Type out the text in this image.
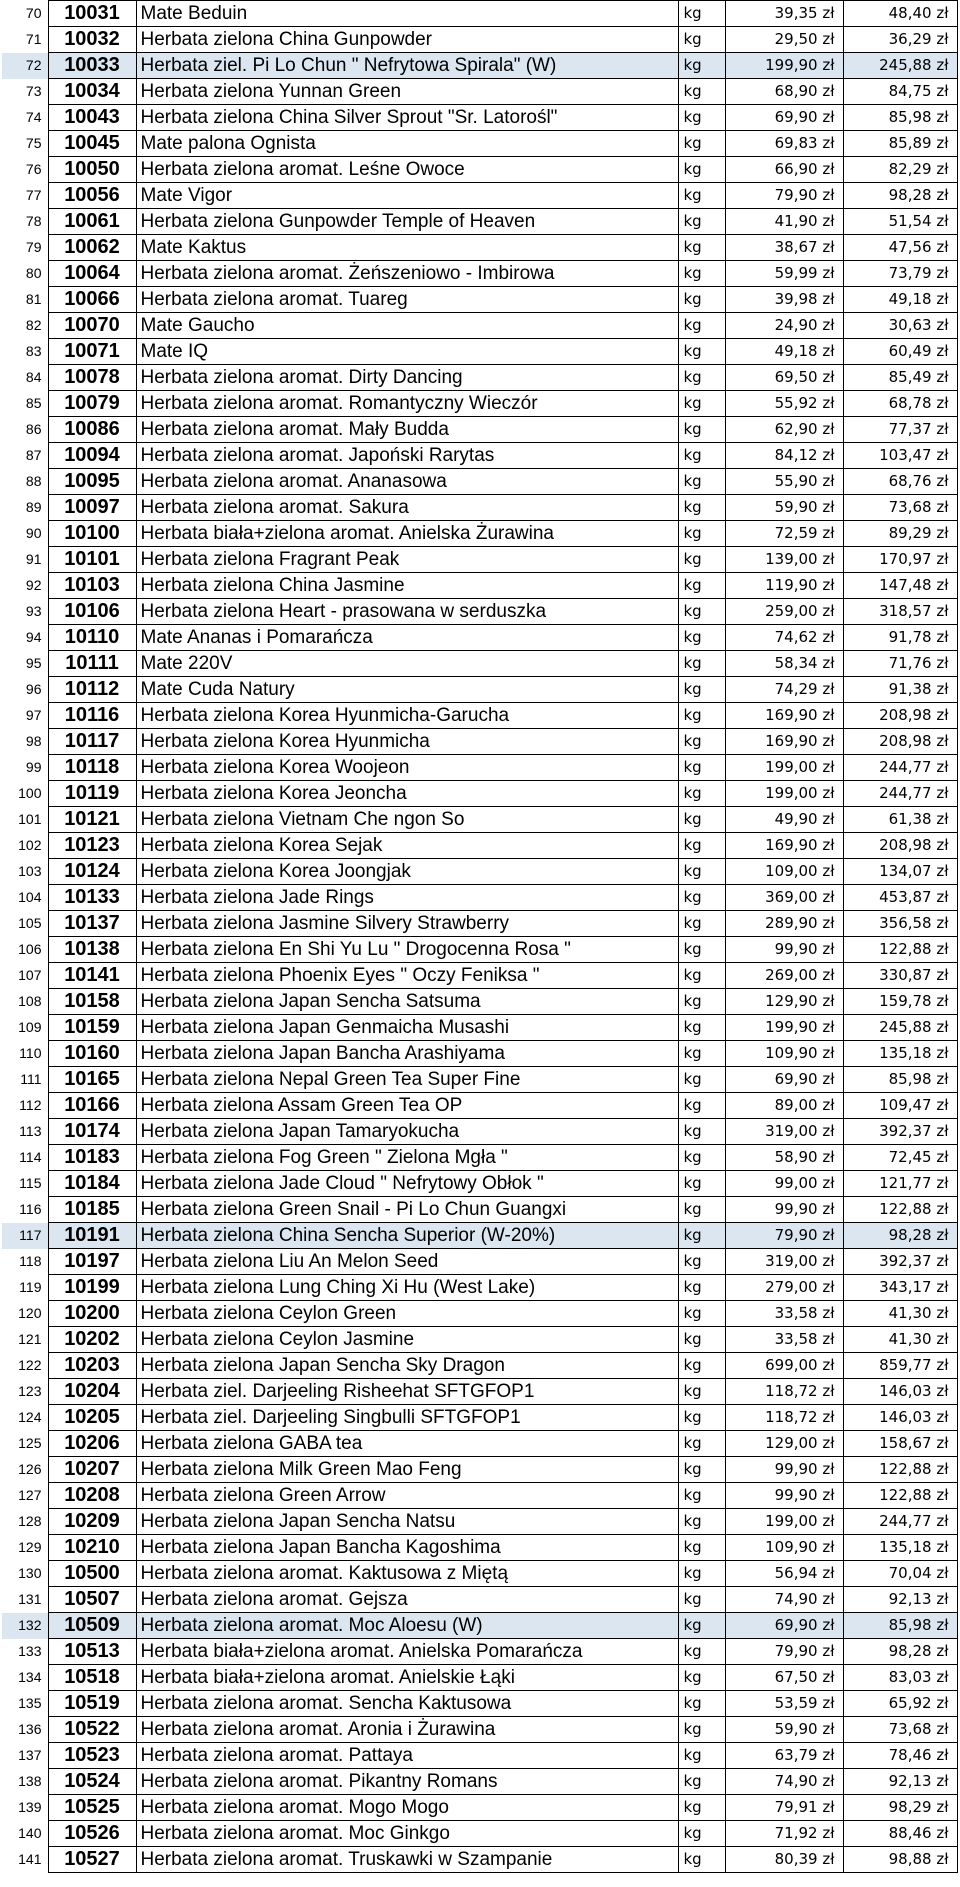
70	10031	Mate Beduin	kg	39,35 zł	48,40 zł
71	10032	Herbata zielona China Gunpowder	kg	29,50 zł	36,29 zł
72	10033	Herbata ziel. Pi Lo Chun " Nefrytowa Spirala" (W)	kg	199,90 zł	245,88 zł
73	10034	Herbata zielona Yunnan Green	kg	68,90 zł	84,75 zł
74	10043	Herbata zielona China Silver Sprout "Sr. Latorośl"	kg	69,90 zł	85,98 zł
75	10045	Mate palona Ognista	kg	69,83 zł	85,89 zł
76	10050	Herbata zielona aromat. Leśne Owoce	kg	66,90 zł	82,29 zł
77	10056	Mate Vigor	kg	79,90 zł	98,28 zł
78	10061	Herbata zielona Gunpowder Temple of Heaven	kg	41,90 zł	51,54 zł
79	10062	Mate Kaktus	kg	38,67 zł	47,56 zł
80	10064	Herbata zielona aromat. Żeńszeniowo - Imbirowa	kg	59,99 zł	73,79 zł
81	10066	Herbata zielona aromat. Tuareg	kg	39,98 zł	49,18 zł
82	10070	Mate Gaucho	kg	24,90 zł	30,63 zł
83	10071	Mate IQ	kg	49,18 zł	60,49 zł
84	10078	Herbata zielona aromat. Dirty Dancing	kg	69,50 zł	85,49 zł
85	10079	Herbata zielona aromat. Romantyczny Wieczór	kg	55,92 zł	68,78 zł
86	10086	Herbata zielona aromat. Mały Budda	kg	62,90 zł	77,37 zł
87	10094	Herbata zielona aromat. Japoński Rarytas	kg	84,12 zł	103,47 zł
88	10095	Herbata zielona aromat. Ananasowa	kg	55,90 zł	68,76 zł
89	10097	Herbata zielona aromat. Sakura	kg	59,90 zł	73,68 zł
90	10100	Herbata biała+zielona aromat. Anielska Żurawina	kg	72,59 zł	89,29 zł
91	10101	Herbata zielona Fragrant Peak	kg	139,00 zł	170,97 zł
92	10103	Herbata zielona China Jasmine	kg	119,90 zł	147,48 zł
93	10106	Herbata zielona Heart - prasowana w serduszka	kg	259,00 zł	318,57 zł
94	10110	Mate Ananas i Pomarańcza	kg	74,62 zł	91,78 zł
95	10111	Mate 220V	kg	58,34 zł	71,76 zł
96	10112	Mate Cuda Natury	kg	74,29 zł	91,38 zł
97	10116	Herbata zielona Korea Hyunmicha-Garucha	kg	169,90 zł	208,98 zł
98	10117	Herbata zielona Korea Hyunmicha	kg	169,90 zł	208,98 zł
99	10118	Herbata zielona Korea Woojeon	kg	199,00 zł	244,77 zł
100	10119	Herbata zielona Korea Jeoncha	kg	199,00 zł	244,77 zł
101	10121	Herbata zielona Vietnam Che ngon So	kg	49,90 zł	61,38 zł
102	10123	Herbata zielona Korea Sejak	kg	169,90 zł	208,98 zł
103	10124	Herbata zielona Korea Joongjak	kg	109,00 zł	134,07 zł
104	10133	Herbata zielona Jade Rings	kg	369,00 zł	453,87 zł
105	10137	Herbata zielona Jasmine Silvery Strawberry	kg	289,90 zł	356,58 zł
106	10138	Herbata zielona En Shi Yu Lu " Drogocenna Rosa "	kg	99,90 zł	122,88 zł
107	10141	Herbata zielona Phoenix Eyes " Oczy Feniksa "	kg	269,00 zł	330,87 zł
108	10158	Herbata zielona Japan Sencha Satsuma	kg	129,90 zł	159,78 zł
109	10159	Herbata zielona Japan Genmaicha Musashi	kg	199,90 zł	245,88 zł
110	10160	Herbata zielona Japan Bancha Arashiyama	kg	109,90 zł	135,18 zł
111	10165	Herbata zielona Nepal Green Tea Super Fine	kg	69,90 zł	85,98 zł
112	10166	Herbata zielona Assam Green Tea OP	kg	89,00 zł	109,47 zł
113	10174	Herbata zielona Japan Tamaryokucha	kg	319,00 zł	392,37 zł
114	10183	Herbata zielona Fog Green " Zielona Mgła "	kg	58,90 zł	72,45 zł
115	10184	Herbata zielona Jade Cloud " Nefrytowy Obłok "	kg	99,00 zł	121,77 zł
116	10185	Herbata zielona Green Snail - Pi Lo Chun Guangxi	kg	99,90 zł	122,88 zł
117	10191	Herbata zielona China Sencha Superior (W-20%)	kg	79,90 zł	98,28 zł
118	10197	Herbata zielona Liu An Melon Seed	kg	319,00 zł	392,37 zł
119	10199	Herbata zielona Lung Ching Xi Hu (West Lake)	kg	279,00 zł	343,17 zł
120	10200	Herbata zielona Ceylon Green	kg	33,58 zł	41,30 zł
121	10202	Herbata zielona Ceylon Jasmine	kg	33,58 zł	41,30 zł
122	10203	Herbata zielona Japan Sencha Sky Dragon	kg	699,00 zł	859,77 zł
123	10204	Herbata ziel. Darjeeling Risheehat SFTGFOP1	kg	118,72 zł	146,03 zł
124	10205	Herbata ziel. Darjeeling Singbulli SFTGFOP1	kg	118,72 zł	146,03 zł
125	10206	Herbata zielona GABA tea	kg	129,00 zł	158,67 zł
126	10207	Herbata zielona Milk Green Mao Feng	kg	99,90 zł	122,88 zł
127	10208	Herbata zielona Green Arrow	kg	99,90 zł	122,88 zł
128	10209	Herbata zielona Japan Sencha Natsu	kg	199,00 zł	244,77 zł
129	10210	Herbata zielona Japan Bancha Kagoshima	kg	109,90 zł	135,18 zł
130	10500	Herbata zielona aromat. Kaktusowa z Miętą	kg	56,94 zł	70,04 zł
131	10507	Herbata zielona aromat. Gejsza	kg	74,90 zł	92,13 zł
132	10509	Herbata zielona aromat. Moc Aloesu (W)	kg	69,90 zł	85,98 zł
133	10513	Herbata biała+zielona aromat. Anielska Pomarańcza	kg	79,90 zł	98,28 zł
134	10518	Herbata biała+zielona aromat. Anielskie Łąki	kg	67,50 zł	83,03 zł
135	10519	Herbata zielona aromat. Sencha Kaktusowa	kg	53,59 zł	65,92 zł
136	10522	Herbata zielona aromat. Aronia i Żurawina	kg	59,90 zł	73,68 zł
137	10523	Herbata zielona aromat. Pattaya	kg	63,79 zł	78,46 zł
138	10524	Herbata zielona aromat. Pikantny Romans	kg	74,90 zł	92,13 zł
139	10525	Herbata zielona aromat. Mogo Mogo	kg	79,91 zł	98,29 zł
140	10526	Herbata zielona aromat. Moc Ginkgo	kg	71,92 zł	88,46 zł
141	10527	Herbata zielona aromat. Truskawki w Szampanie	kg	80,39 zł	98,88 zł
